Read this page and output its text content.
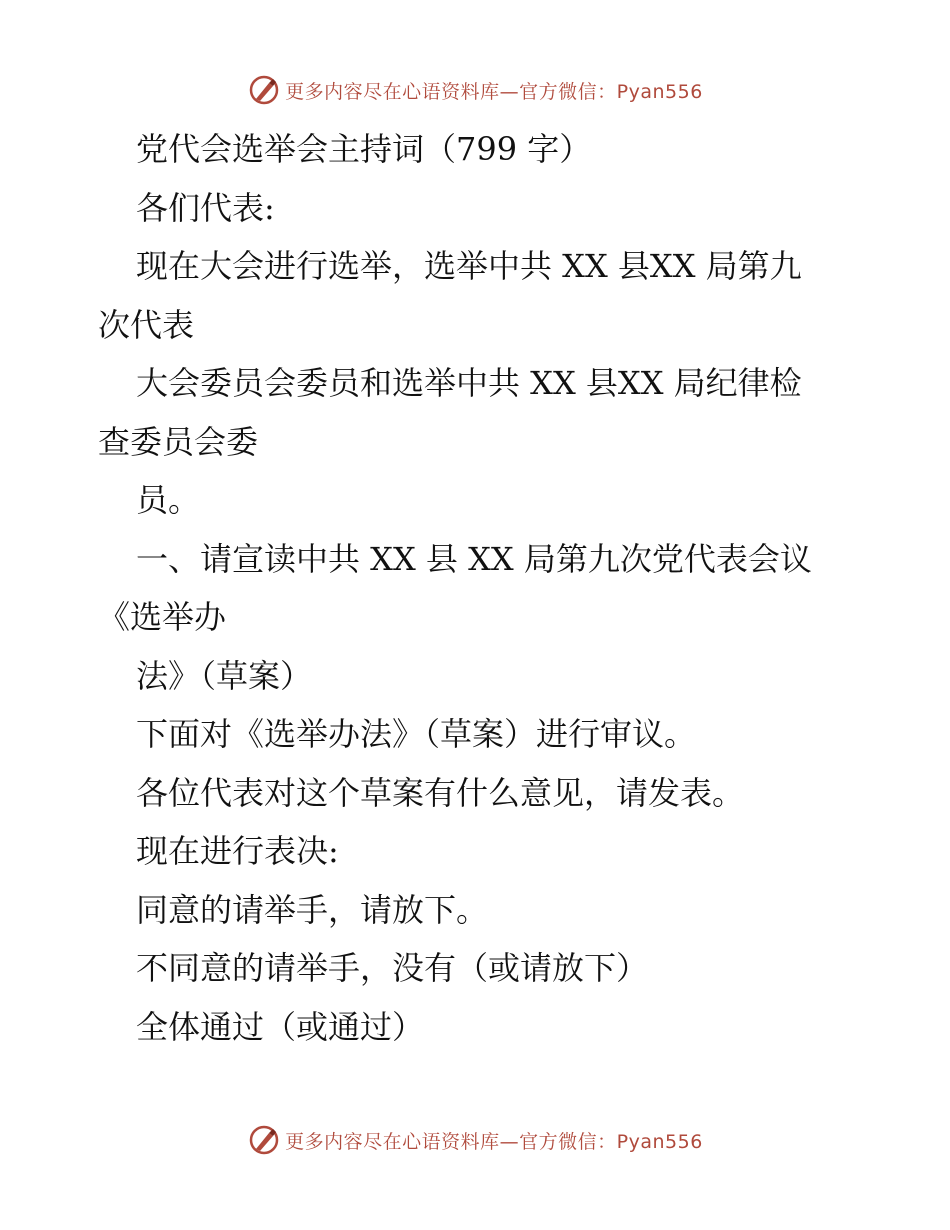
更多内容尽在心语资料库—官方微信：Pyan556
党代会选举会主持词（799 字）
各们代表:
现在大会进行选举，选举中共 XX 县XX 局第九
次代表
大会委员会委员和选举中共 XX 县XX 局纪律检
查委员会委
员。
一、请宣读中共 XX 县 XX 局第九次党代表会议
《选举办
法》（草案）
下面对《选举办法》（草案）进行审议。
各位代表对这个草案有什么意见，请发表。
现在进行表决:
同意的请举手，请放下。
不同意的请举手，没有（或请放下）
全体通过（或通过）
更多内容尽在心语资料库—官方微信：Pyan556
